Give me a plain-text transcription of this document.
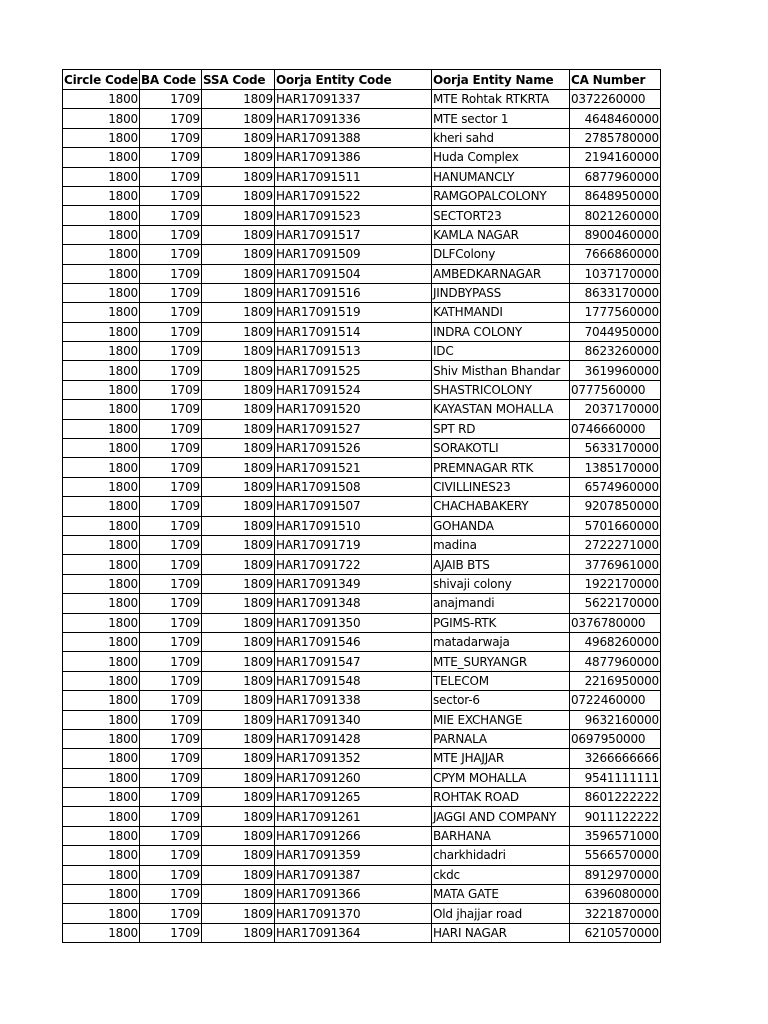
Circle Code	BA Code	SSA Code	Oorja Entity Code	Oorja Entity Name	CA Number
1800	1709	1809	HAR17091337	MTE Rohtak RTKRTA	0372260000
1800	1709	1809	HAR17091336	MTE sector 1	4648460000
1800	1709	1809	HAR17091388	kheri sahd	2785780000
1800	1709	1809	HAR17091386	Huda Complex	2194160000
1800	1709	1809	HAR17091511	HANUMANCLY	6877960000
1800	1709	1809	HAR17091522	RAMGOPALCOLONY	8648950000
1800	1709	1809	HAR17091523	SECTORT23	8021260000
1800	1709	1809	HAR17091517	KAMLA NAGAR	8900460000
1800	1709	1809	HAR17091509	DLFColony	7666860000
1800	1709	1809	HAR17091504	AMBEDKARNAGAR	1037170000
1800	1709	1809	HAR17091516	JINDBYPASS	8633170000
1800	1709	1809	HAR17091519	KATHMANDI	1777560000
1800	1709	1809	HAR17091514	INDRA COLONY	7044950000
1800	1709	1809	HAR17091513	IDC	8623260000
1800	1709	1809	HAR17091525	Shiv Misthan Bhandar	3619960000
1800	1709	1809	HAR17091524	SHASTRICOLONY	0777560000
1800	1709	1809	HAR17091520	KAYASTAN MOHALLA	2037170000
1800	1709	1809	HAR17091527	SPT RD	0746660000
1800	1709	1809	HAR17091526	SORAKOTLI	5633170000
1800	1709	1809	HAR17091521	PREMNAGAR RTK	1385170000
1800	1709	1809	HAR17091508	CIVILLINES23	6574960000
1800	1709	1809	HAR17091507	CHACHABAKERY	9207850000
1800	1709	1809	HAR17091510	GOHANDA	5701660000
1800	1709	1809	HAR17091719	madina	2722271000
1800	1709	1809	HAR17091722	AJAIB BTS	3776961000
1800	1709	1809	HAR17091349	shivaji colony	1922170000
1800	1709	1809	HAR17091348	anajmandi	5622170000
1800	1709	1809	HAR17091350	PGIMS-RTK	0376780000
1800	1709	1809	HAR17091546	matadarwaja	4968260000
1800	1709	1809	HAR17091547	MTE_SURYANGR	4877960000
1800	1709	1809	HAR17091548	TELECOM	2216950000
1800	1709	1809	HAR17091338	sector-6	0722460000
1800	1709	1809	HAR17091340	MIE EXCHANGE	9632160000
1800	1709	1809	HAR17091428	PARNALA	0697950000
1800	1709	1809	HAR17091352	MTE JHAJJAR	3266666666
1800	1709	1809	HAR17091260	CPYM MOHALLA	9541111111
1800	1709	1809	HAR17091265	ROHTAK ROAD	8601222222
1800	1709	1809	HAR17091261	JAGGI AND COMPANY	9011122222
1800	1709	1809	HAR17091266	BARHANA	3596571000
1800	1709	1809	HAR17091359	charkhidadri	5566570000
1800	1709	1809	HAR17091387	ckdc	8912970000
1800	1709	1809	HAR17091366	MATA GATE	6396080000
1800	1709	1809	HAR17091370	Old jhajjar road	3221870000
1800	1709	1809	HAR17091364	HARI NAGAR	6210570000
